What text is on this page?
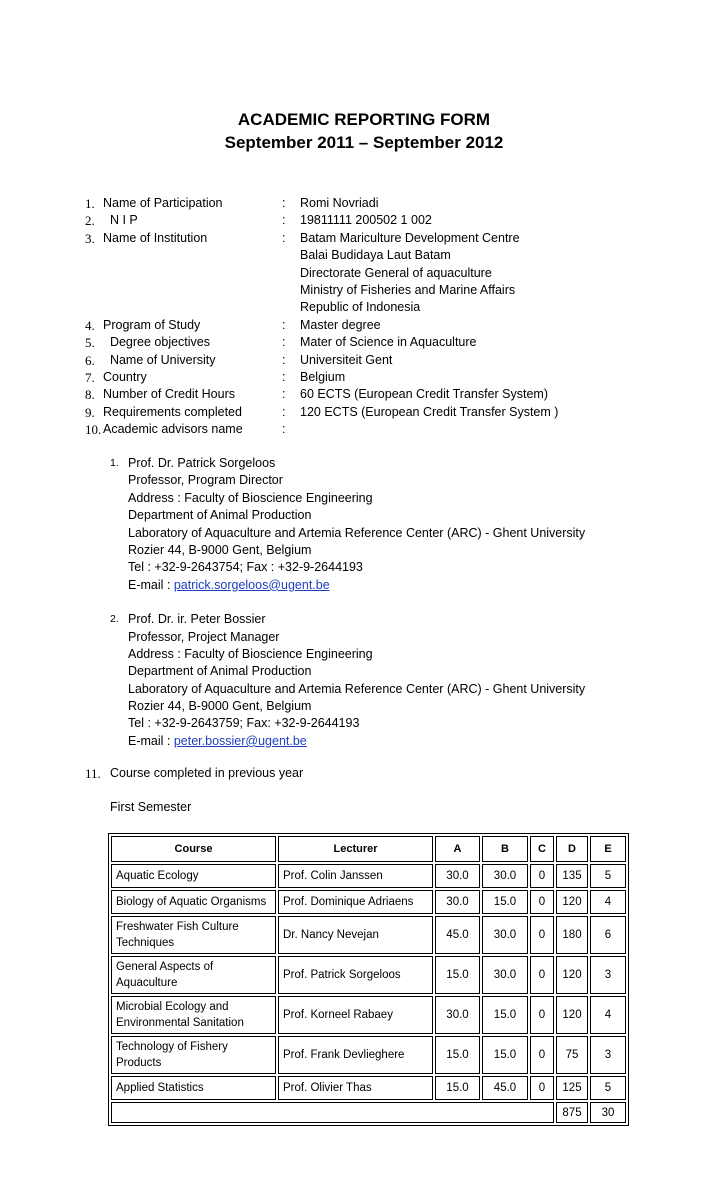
ACADEMIC REPORTING FORM
September 2011 – September 2012
1. Name of Participation	: Romi Novriadi
2. N I P	: 19811111 200502 1 002
3. Name of Institution	: Batam Mariculture Development Centre
Balai Budidaya Laut Batam
Directorate General of aquaculture
Ministry of Fisheries and Marine Affairs
Republic of Indonesia
4. Program of Study	: Master degree
5. Degree objectives	: Mater of Science in Aquaculture
6. Name of University	: Universiteit Gent
7. Country	: Belgium
8. Number of Credit Hours	: 60 ECTS (European Credit Transfer System)
9. Requirements completed	: 120 ECTS (European Credit Transfer System )
10. Academic advisors name	:
1. Prof. Dr. Patrick Sorgeloos
Professor, Program Director
Address : Faculty of Bioscience Engineering
Department of Animal Production
Laboratory of Aquaculture and Artemia Reference Center (ARC) - Ghent University
Rozier 44, B-9000 Gent, Belgium
Tel : +32-9-2643754; Fax : +32-9-2644193
E-mail : patrick.sorgeloos@ugent.be
2. Prof. Dr. ir. Peter Bossier
Professor, Project Manager
Address : Faculty of Bioscience Engineering
Department of Animal Production
Laboratory of Aquaculture and Artemia Reference Center (ARC) - Ghent University
Rozier 44, B-9000 Gent, Belgium
Tel : +32-9-2643759; Fax: +32-9-2644193
E-mail : peter.bossier@ugent.be
11. Course completed in previous year
First Semester
Course	Lecturer	A	B	C	D	E
Aquatic Ecology	Prof. Colin Janssen	30.0	30.0	0	135	5
Biology of Aquatic Organisms	Prof. Dominique Adriaens	30.0	15.0	0	120	4
Freshwater Fish Culture Techniques	Dr. Nancy Nevejan	45.0	30.0	0	180	6
General Aspects of Aquaculture	Prof. Patrick Sorgeloos	15.0	30.0	0	120	3
Microbial Ecology and Environmental Sanitation	Prof. Korneel Rabaey	30.0	15.0	0	120	4
Technology of Fishery Products	Prof. Frank Devlieghere	15.0	15.0	0	75	3
Applied Statistics	Prof. Olivier Thas	15.0	45.0	0	125	5
					875	30
